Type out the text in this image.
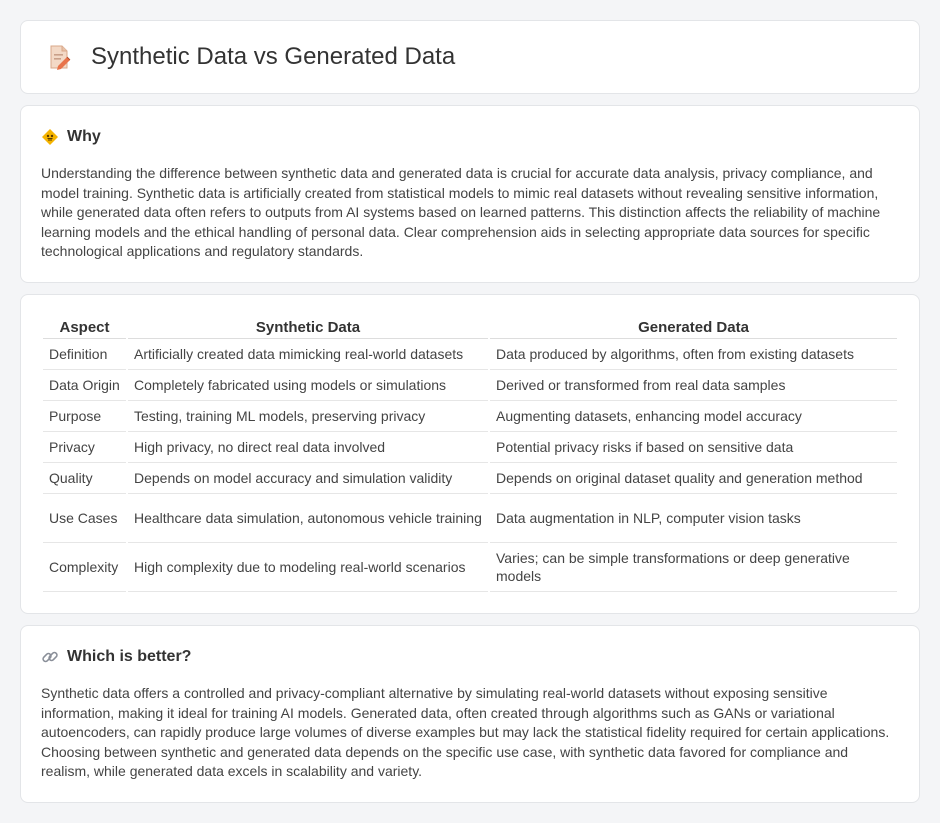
Synthetic Data vs Generated Data
Why

Understanding the difference between synthetic data and generated data is crucial for accurate data analysis, privacy compliance, and model training. Synthetic data is artificially created from statistical models to mimic real datasets without revealing sensitive information, while generated data often refers to outputs from AI systems based on learned patterns. This distinction affects the reliability of machine learning models and the ethical handling of personal data. Clear comprehension aids in selecting appropriate data sources for specific technological applications and regulatory standards.

Aspect	Synthetic Data	Generated Data
Definition	Artificially created data mimicking real-world datasets	Data produced by algorithms, often from existing datasets
Data Origin	Completely fabricated using models or simulations	Derived or transformed from real data samples
Purpose	Testing, training ML models, preserving privacy	Augmenting datasets, enhancing model accuracy
Privacy	High privacy, no direct real data involved	Potential privacy risks if based on sensitive data
Quality	Depends on model accuracy and simulation validity	Depends on original dataset quality and generation method
Use Cases	Healthcare data simulation, autonomous vehicle training	Data augmentation in NLP, computer vision tasks
Complexity	High complexity due to modeling real-world scenarios	Varies; can be simple transformations or deep generative models
Which is better?

Synthetic data offers a controlled and privacy-compliant alternative by simulating real-world datasets without exposing sensitive information, making it ideal for training AI models. Generated data, often created through algorithms such as GANs or variational autoencoders, can rapidly produce large volumes of diverse examples but may lack the statistical fidelity required for certain applications. Choosing between synthetic and generated data depends on the specific use case, with synthetic data favored for compliance and realism, while generated data excels in scalability and variety.
